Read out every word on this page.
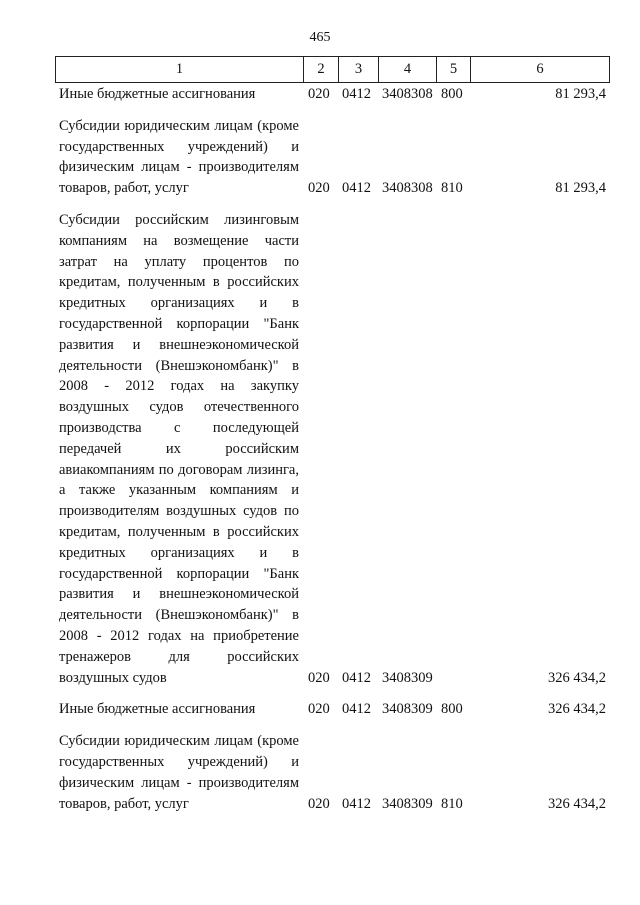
465
1	2	3	4	5	6
Иные бюджетные ассигнования	020 0412 3408308 800	81 293,4
Субсидии юридическим лицам (кроме государственных учреждений) и физическим лицам - производителям товаров, работ, услуг	020 0412 3408308 810	81 293,4
Субсидии российским лизинговым компаниям на возмещение части затрат на уплату процентов по кредитам, полученным в российских кредитных организациях и в государственной корпорации "Банк развития и внешнеэкономической деятельности (Внешэкономбанк)" в 2008 - 2012 годах на закупку воздушных судов отечественного производства с последующей передачей их российским авиакомпаниям по договорам лизинга, а также указанным компаниям и производителям воздушных судов по кредитам, полученным в российских кредитных организациях и в государственной корпорации "Банк развития и внешнеэкономической деятельности (Внешэкономбанк)" в 2008 - 2012 годах на приобретение тренажеров для российских воздушных судов	020 0412 3408309	326 434,2
Иные бюджетные ассигнования	020 0412 3408309 800	326 434,2
Субсидии юридическим лицам (кроме государственных учреждений) и физическим лицам - производителям товаров, работ, услуг	020 0412 3408309 810	326 434,2
